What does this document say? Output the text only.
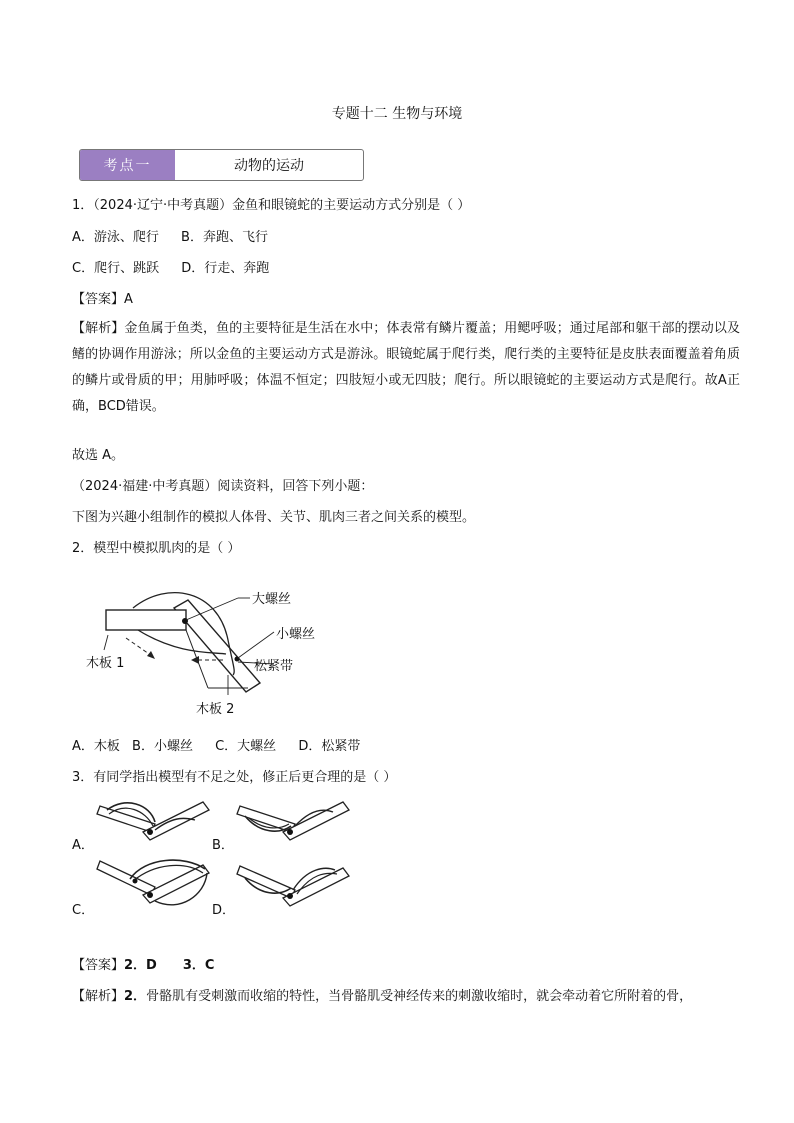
专题十二 生物与环境
考点一	动物的运动
1．（2024·辽宁·中考真题）金鱼和眼镜蛇的主要运动方式分别是（ ）
A．游泳、爬行 B．奔跑、飞行
C．爬行、跳跃 D．行走、奔跑
【答案】A
【解析】金鱼属于鱼类，鱼的主要特征是生活在水中；体表常有鳞片覆盖；用鳃呼吸；通过尾部和躯干部的摆动以及鳍的协调作用游泳；所以金鱼的主要运动方式是游泳。眼镜蛇属于爬行类，爬行类的主要特征是皮肤表面覆盖着角质的鳞片或骨质的甲；用肺呼吸；体温不恒定；四肢短小或无四肢；爬行。所以眼镜蛇的主要运动方式是爬行。故A正确，BCD错误。
故选 A。
（2024·福建·中考真题）阅读资料，回答下列小题：
下图为兴趣小组制作的模拟人体骨、关节、肌肉三者之间关系的模型。
2．模型中模拟肌肉的是（ ）
大螺丝
小螺丝
松紧带
木板 1
木板 2
A．木板 B．小螺丝 C．大螺丝 D．松紧带
3．有同学指出模型有不足之处，修正后更合理的是（ ）
A．	B．
C．	D．
【答案】2．D 3．C
【解析】2．骨骼肌有受刺激而收缩的特性，当骨骼肌受神经传来的刺激收缩时，就会牵动着它所附着的骨，
